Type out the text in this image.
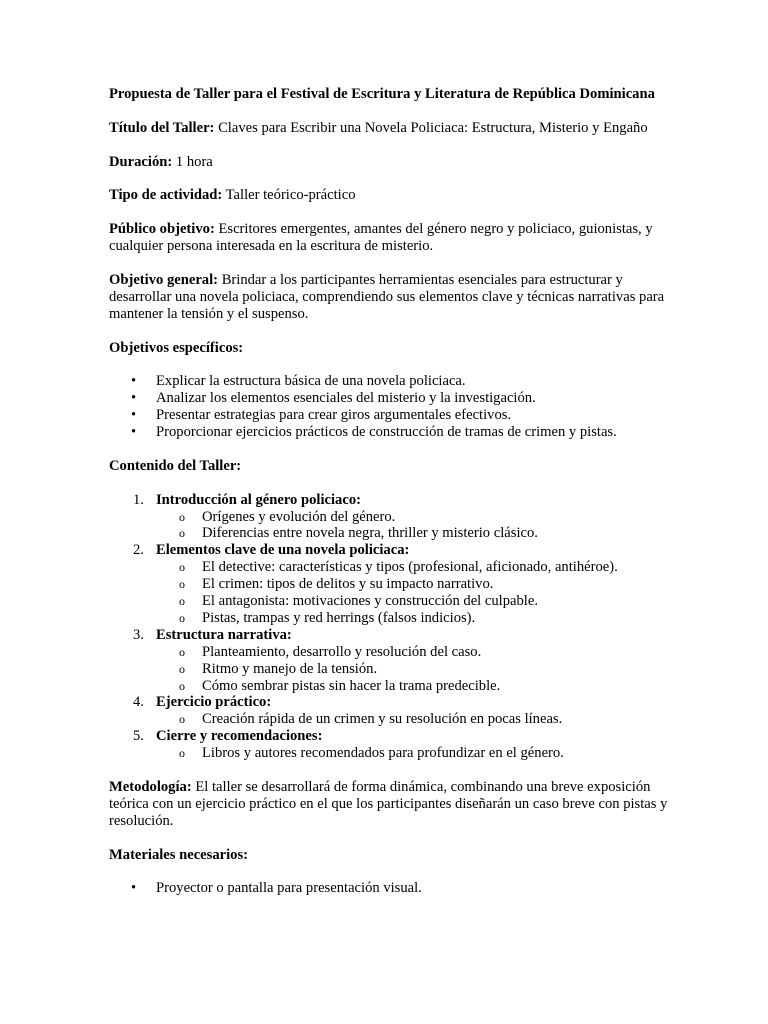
Propuesta de Taller para el Festival de Escritura y Literatura de República Dominicana

Título del Taller: Claves para Escribir una Novela Policiaca: Estructura, Misterio y Engaño

Duración: 1 hora

Tipo de actividad: Taller teórico-práctico

Público objetivo: Escritores emergentes, amantes del género negro y policiaco, guionistas, y cualquier persona interesada en la escritura de misterio.

Objetivo general: Brindar a los participantes herramientas esenciales para estructurar y desarrollar una novela policiaca, comprendiendo sus elementos clave y técnicas narrativas para mantener la tensión y el suspenso.

Objetivos específicos:

• Explicar la estructura básica de una novela policiaca.
• Analizar los elementos esenciales del misterio y la investigación.
• Presentar estrategias para crear giros argumentales efectivos.
• Proporcionar ejercicios prácticos de construcción de tramas de crimen y pistas.

Contenido del Taller:

1. Introducción al género policiaco:
o Orígenes y evolución del género.
o Diferencias entre novela negra, thriller y misterio clásico.
2. Elementos clave de una novela policiaca:
o El detective: características y tipos (profesional, aficionado, antihéroe).
o El crimen: tipos de delitos y su impacto narrativo.
o El antagonista: motivaciones y construcción del culpable.
o Pistas, trampas y red herrings (falsos indicios).
3. Estructura narrativa:
o Planteamiento, desarrollo y resolución del caso.
o Ritmo y manejo de la tensión.
o Cómo sembrar pistas sin hacer la trama predecible.
4. Ejercicio práctico:
o Creación rápida de un crimen y su resolución en pocas líneas.
5. Cierre y recomendaciones:
o Libros y autores recomendados para profundizar en el género.

Metodología: El taller se desarrollará de forma dinámica, combinando una breve exposición teórica con un ejercicio práctico en el que los participantes diseñarán un caso breve con pistas y resolución.

Materiales necesarios:

• Proyector o pantalla para presentación visual.
